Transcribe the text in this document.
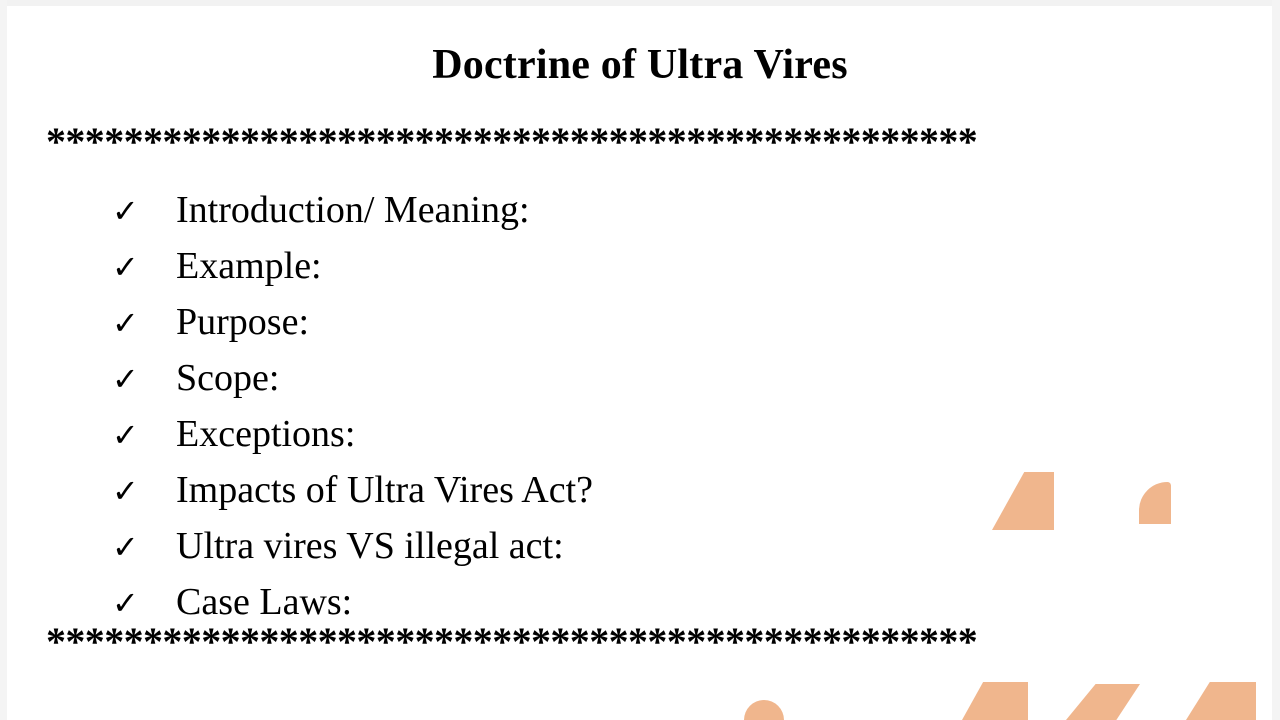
Doctrine of Ultra Vires
************************************************
✓ Introduction/ Meaning:
✓ Example:
✓ Purpose:
✓ Scope:
✓ Exceptions:
✓ Impacts of Ultra Vires Act?
✓ Ultra vires VS illegal act:
✓ Case Laws:
************************************************
